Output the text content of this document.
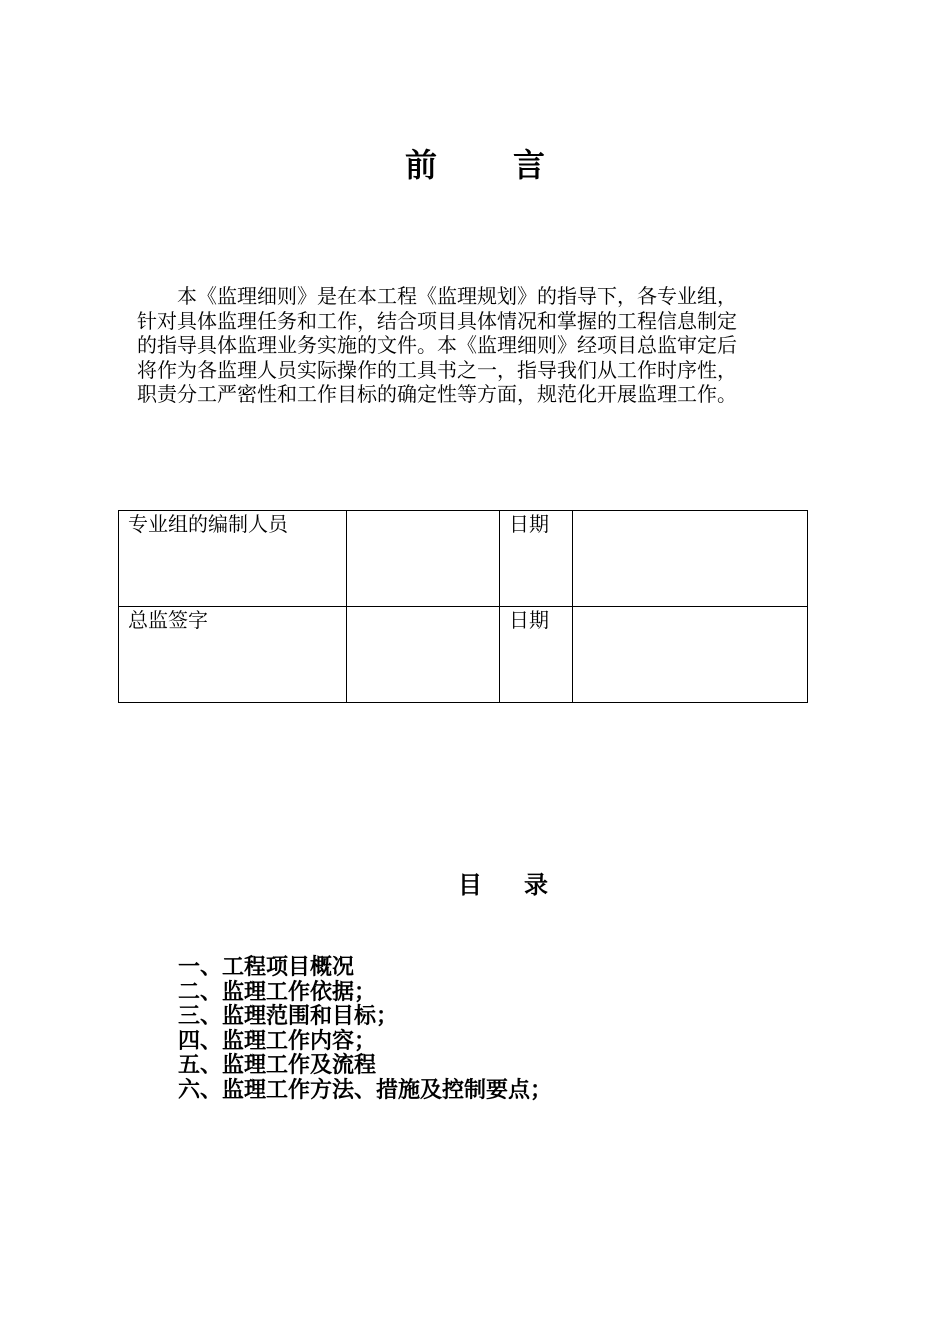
前 言

　　本《监理细则》是在本工程《监理规划》的指导下，各专业组，
针对具体监理任务和工作，结合项目具体情况和掌握的工程信息制定
的指导具体监理业务实施的文件。本《监理细则》经项目总监审定后
将作为各监理人员实际操作的工具书之一，指导我们从工作时序性，
职责分工严密性和工作目标的确定性等方面，规范化开展监理工作。

专业组的编制人员		日期	
总监签字		日期	
目 录
一、工程项目概况
二、监理工作依据；
三、监理范围和目标；
四、监理工作内容；
五、监理工作及流程
六、监理工作方法、措施及控制要点；
